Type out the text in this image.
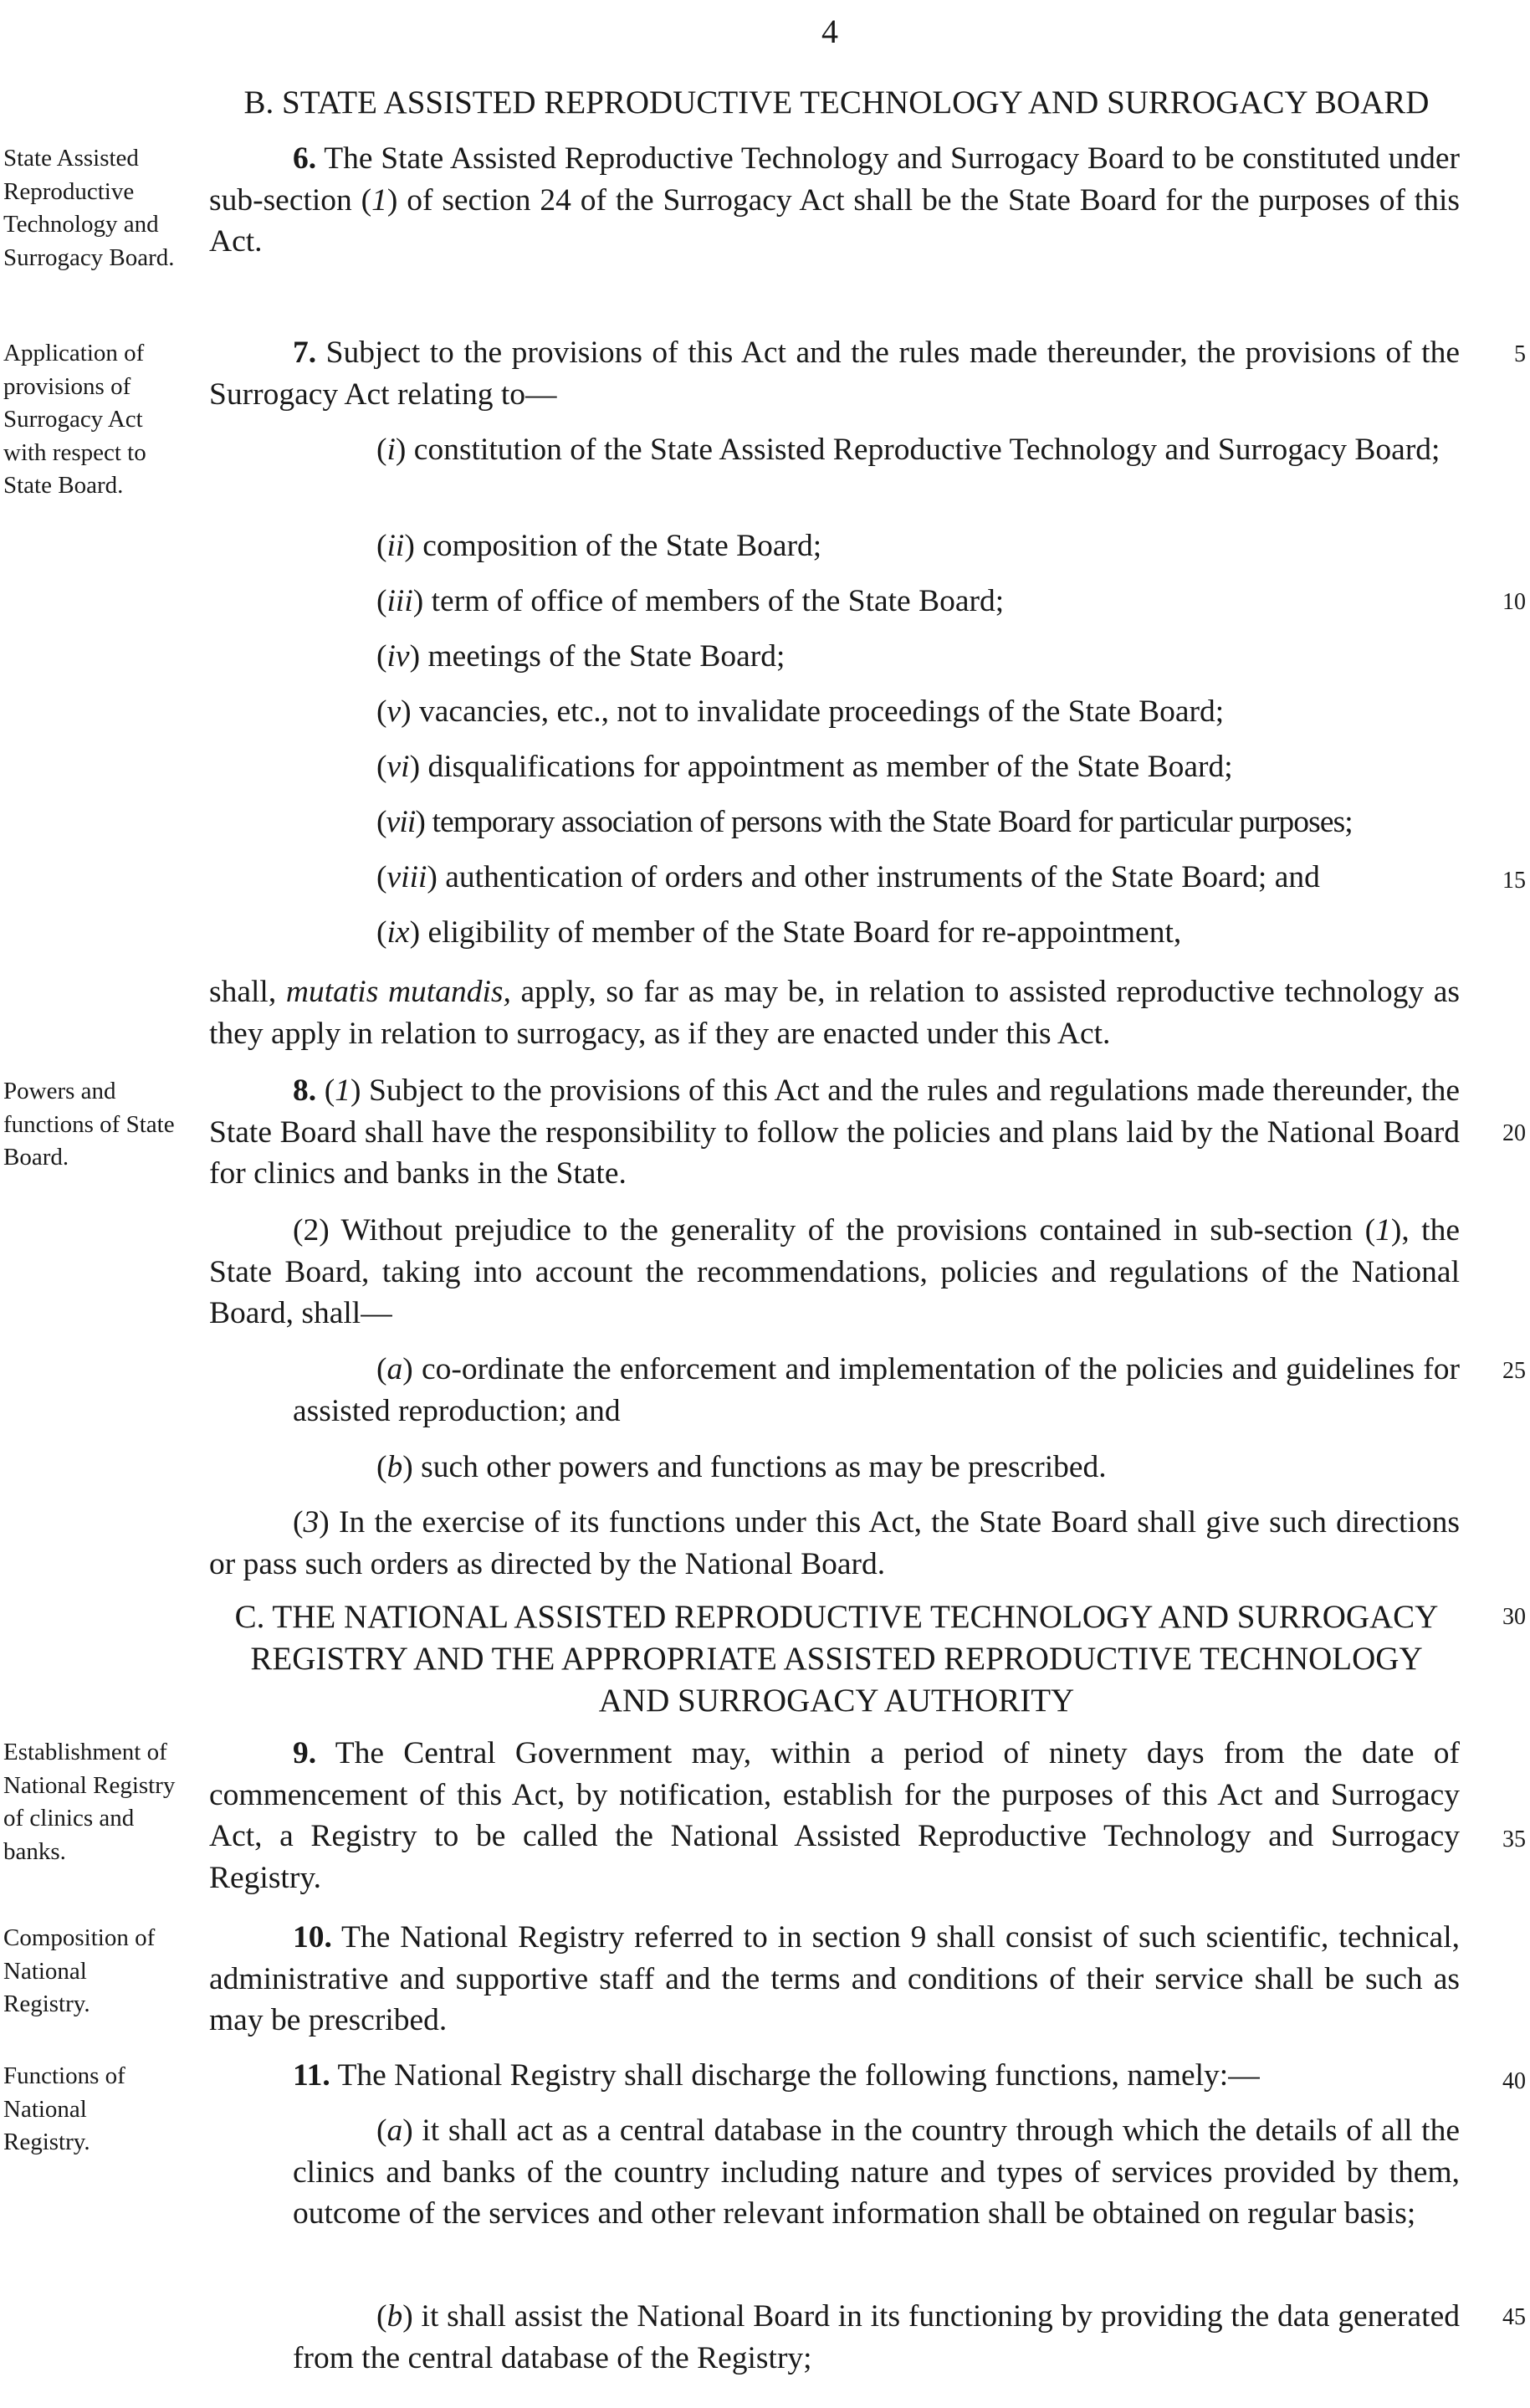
4
B. STATE ASSISTED REPRODUCTIVE TECHNOLOGY AND SURROGACY BOARD
State Assisted Reproductive Technology and Surrogacy Board.
Application of provisions of Surrogacy Act with respect to State Board.
Powers and functions of State Board.
Establishment of National Registry of clinics and banks.
Composition of National Registry.
Functions of National Registry.
6. The State Assisted Reproductive Technology and Surrogacy Board to be constituted under sub-section (1) of section 24 of the Surrogacy Act shall be the State Board for the purposes of this Act.
7. Subject to the provisions of this Act and the rules made thereunder, the provisions of the Surrogacy Act relating to—
(i) constitution of the State Assisted Reproductive Technology and Surrogacy Board;
(ii) composition of the State Board;
(iii) term of office of members of the State Board;
(iv) meetings of the State Board;
(v) vacancies, etc., not to invalidate proceedings of the State Board;
(vi) disqualifications for appointment as member of the State Board;
(vii) temporary association of persons with the State Board for particular purposes;
(viii) authentication of orders and other instruments of the State Board; and
(ix) eligibility of member of the State Board for re-appointment,
shall, mutatis mutandis, apply, so far as may be, in relation to assisted reproductive technology as they apply in relation to surrogacy, as if they are enacted under this Act.
8. (1) Subject to the provisions of this Act and the rules and regulations made thereunder, the State Board shall have the responsibility to follow the policies and plans laid by the National Board for clinics and banks in the State.
(2) Without prejudice to the generality of the provisions contained in sub-section (1), the State Board, taking into account the recommendations, policies and regulations of the National Board, shall—
(a) co-ordinate the enforcement and implementation of the policies and guidelines for assisted reproduction; and
(b) such other powers and functions as may be prescribed.
(3) In the exercise of its functions under this Act, the State Board shall give such directions or pass such orders as directed by the National Board.
C. THE NATIONAL ASSISTED REPRODUCTIVE TECHNOLOGY AND SURROGACY
REGISTRY AND THE APPROPRIATE ASSISTED REPRODUCTIVE TECHNOLOGY
AND SURROGACY AUTHORITY
9. The Central Government may, within a period of ninety days from the date of commencement of this Act, by notification, establish for the purposes of this Act and Surrogacy Act, a Registry to be called the National Assisted Reproductive Technology and Surrogacy Registry.
10. The National Registry referred to in section 9 shall consist of such scientific, technical, administrative and supportive staff and the terms and conditions of their service shall be such as may be prescribed.
11. The National Registry shall discharge the following functions, namely:—
(a) it shall act as a central database in the country through which the details of all the clinics and banks of the country including nature and types of services provided by them, outcome of the services and other relevant information shall be obtained on regular basis;
(b) it shall assist the National Board in its functioning by providing the data generated from the central database of the Registry;
5
10
15
20
25
30
35
40
45
